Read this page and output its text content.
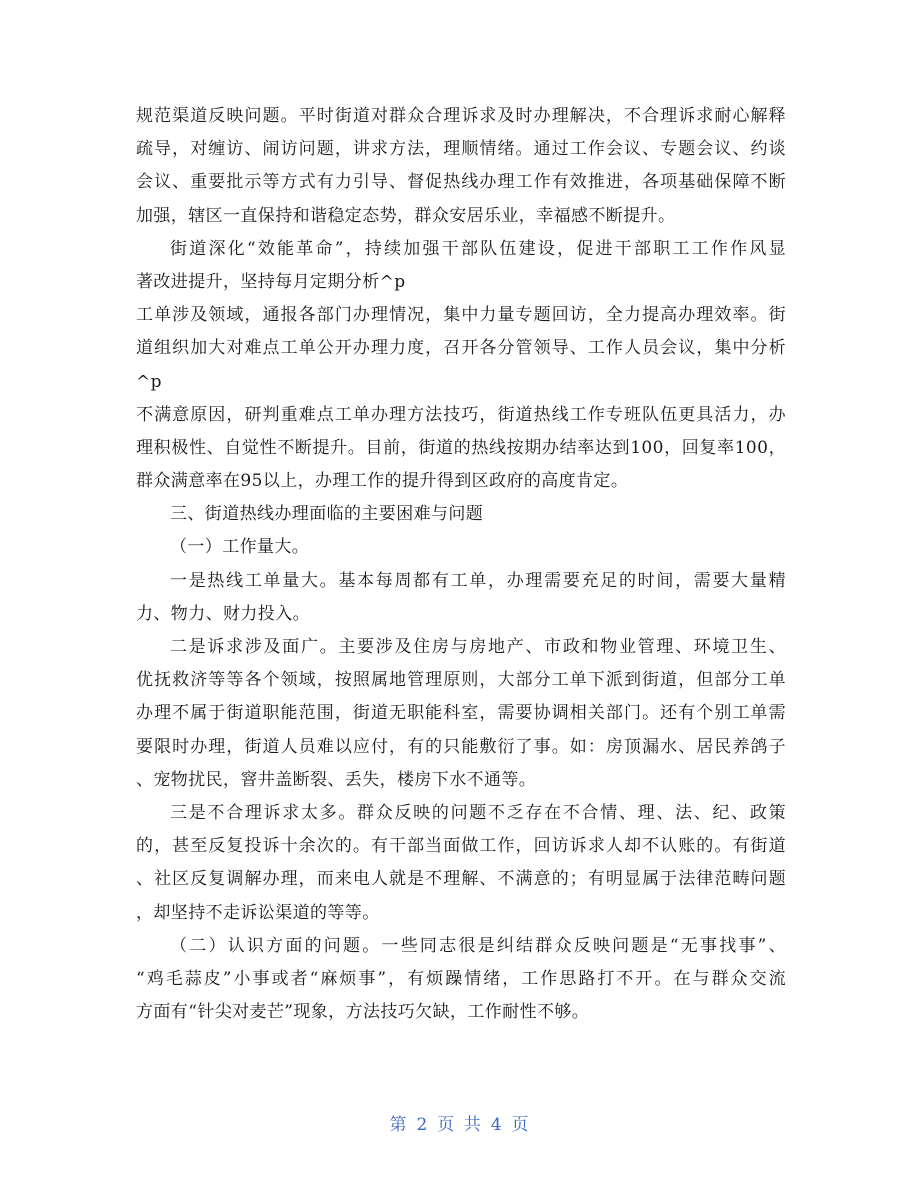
规范渠道反映问题。平时街道对群众合理诉求及时办理解决，不合理诉求耐心解释
疏导，对缠访、闹访问题，讲求方法，理顺情绪。通过工作会议、专题会议、约谈
会议、重要批示等方式有力引导、督促热线办理工作有效推进，各项基础保障不断
加强，辖区一直保持和谐稳定态势，群众安居乐业，幸福感不断提升。
街道深化“效能革命”，持续加强干部队伍建设，促进干部职工工作作风显
著改进提升，坚持每月定期分析^p
工单涉及领域，通报各部门办理情况，集中力量专题回访，全力提高办理效率。街
道组织加大对难点工单公开办理力度，召开各分管领导、工作人员会议，集中分析
^p
不满意原因，研判重难点工单办理方法技巧，街道热线工作专班队伍更具活力，办
理积极性、自觉性不断提升。目前，街道的热线按期办结率达到100，回复率100，
群众满意率在95以上，办理工作的提升得到区政府的高度肯定。
三、街道热线办理面临的主要困难与问题
（一）工作量大。
一是热线工单量大。基本每周都有工单，办理需要充足的时间，需要大量精
力、物力、财力投入。
二是诉求涉及面广。主要涉及住房与房地产、市政和物业管理、环境卫生、
优抚救济等等各个领域，按照属地管理原则，大部分工单下派到街道，但部分工单
办理不属于街道职能范围，街道无职能科室，需要协调相关部门。还有个别工单需
要限时办理，街道人员难以应付，有的只能敷衍了事。如：房顶漏水、居民养鸽子
、宠物扰民，窨井盖断裂、丢失，楼房下水不通等。
三是不合理诉求太多。群众反映的问题不乏存在不合情、理、法、纪、政策
的，甚至反复投诉十余次的。有干部当面做工作，回访诉求人却不认账的。有街道
、社区反复调解办理，而来电人就是不理解、不满意的；有明显属于法律范畴问题
，却坚持不走诉讼渠道的等等。
（二）认识方面的问题。一些同志很是纠结群众反映问题是“无事找事”、
“鸡毛蒜皮”小事或者“麻烦事”，有烦躁情绪，工作思路打不开。在与群众交流
方面有“针尖对麦芒”现象，方法技巧欠缺，工作耐性不够。
第 2 页 共 4 页
